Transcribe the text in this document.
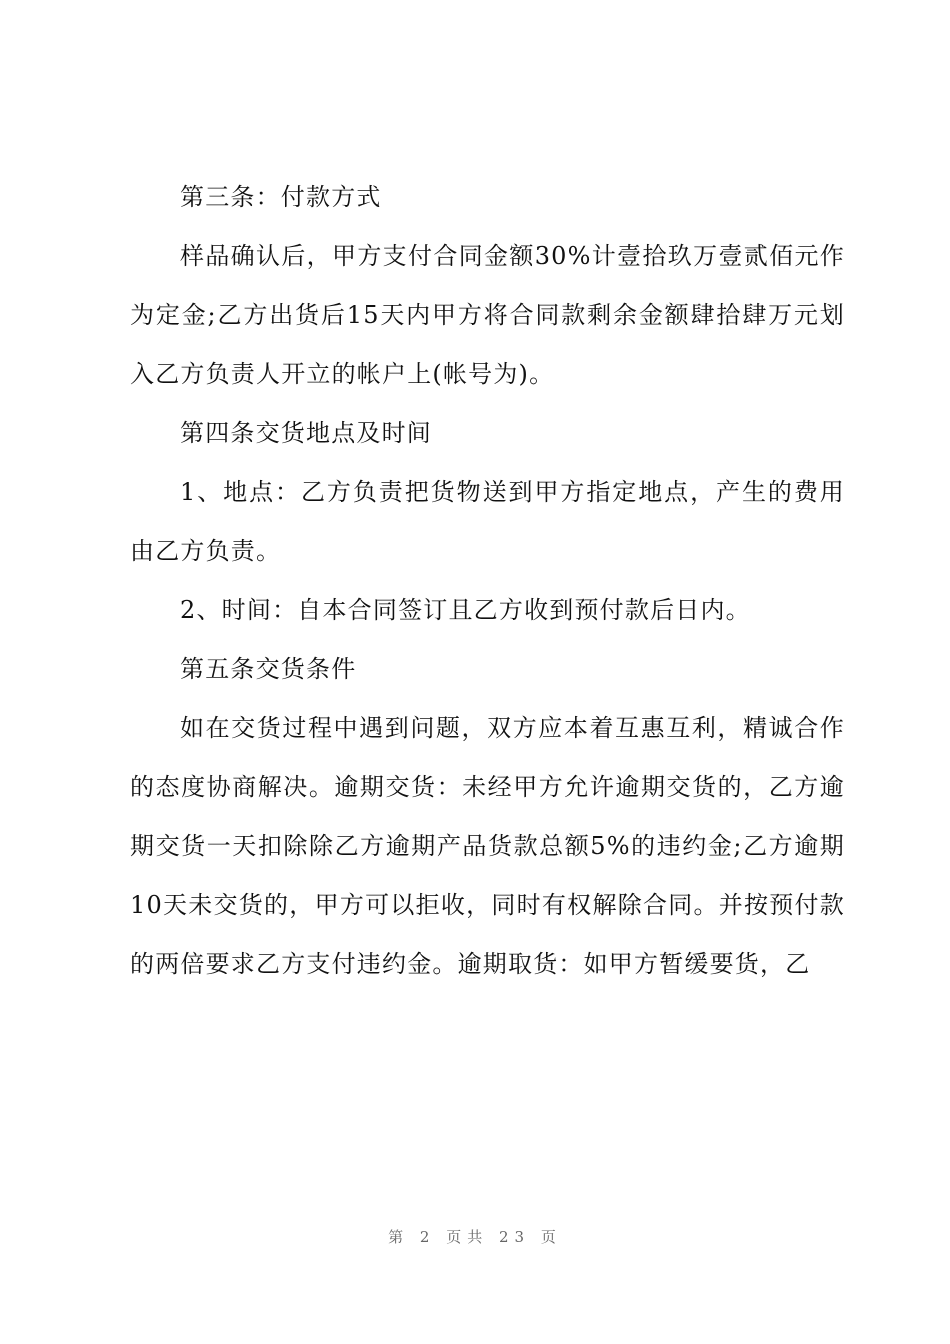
第三条：付款方式

样品确认后，甲方支付合同金额30%计壹拾玖万壹贰佰元作为定金;乙方出货后15天内甲方将合同款剩余金额肆拾肆万元划入乙方负责人开立的帐户上(帐号为)。

第四条交货地点及时间

1、地点：乙方负责把货物送到甲方指定地点，产生的费用由乙方负责。

2、时间：自本合同签订且乙方收到预付款后日内。

第五条交货条件

如在交货过程中遇到问题，双方应本着互惠互利，精诚合作的态度协商解决。逾期交货：未经甲方允许逾期交货的，乙方逾期交货一天扣除除乙方逾期产品货款总额5%的违约金;乙方逾期10天未交货的，甲方可以拒收，同时有权解除合同。并按预付款的两倍要求乙方支付违约金。逾期取货：如甲方暂缓要货，乙

第 2 页共 23 页
